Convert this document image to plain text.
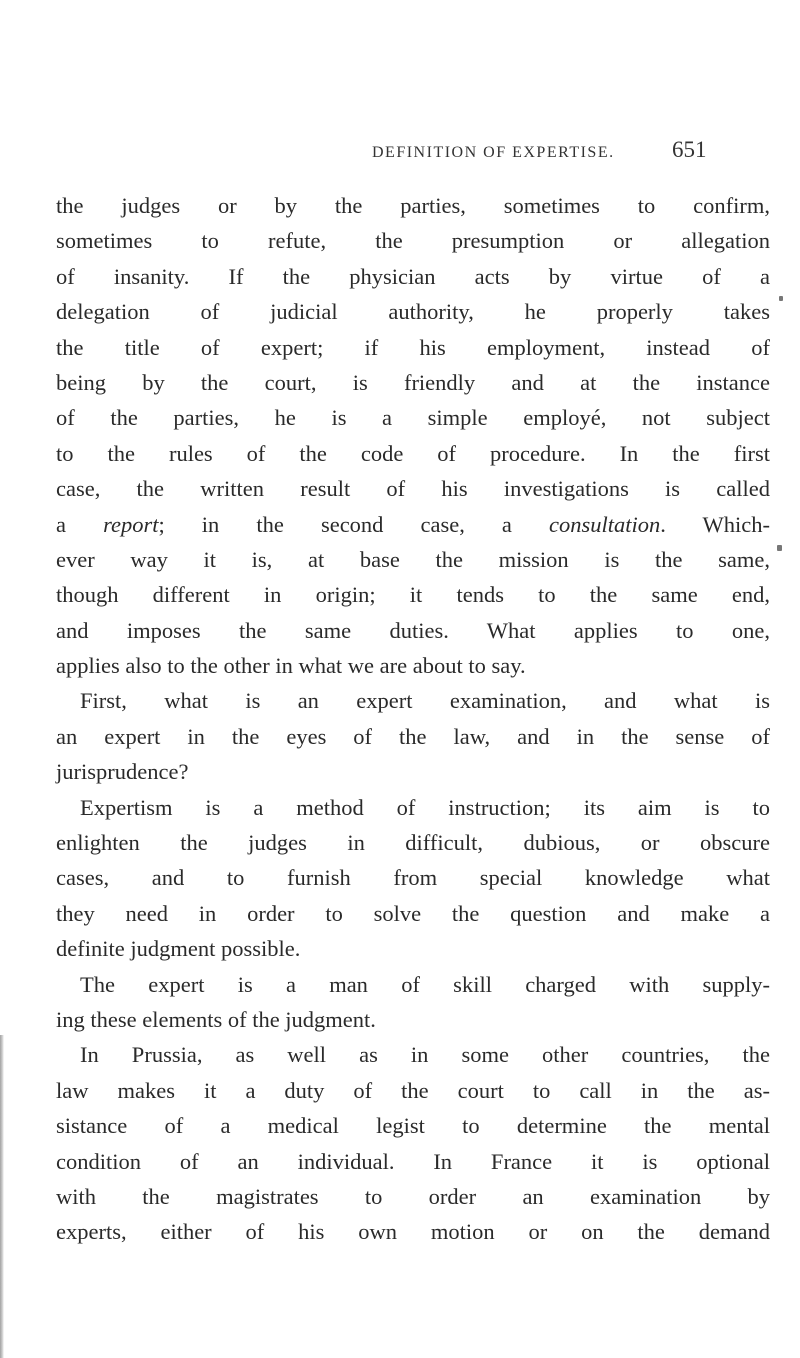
DEFINITION OF EXPERTISE. 651
the judges or by the parties, sometimes to confirm,
sometimes to refute, the presumption or allegation
of insanity. If the physician acts by virtue of a
delegation of judicial authority, he properly takes
the title of expert; if his employment, instead of
being by the court, is friendly and at the instance
of the parties, he is a simple employé, not subject
to the rules of the code of procedure. In the first
case, the written result of his investigations is called
a report; in the second case, a consultation. Which-
ever way it is, at base the mission is the same,
though different in origin; it tends to the same end,
and imposes the same duties. What applies to one,
applies also to the other in what we are about to say.
First, what is an expert examination, and what is
an expert in the eyes of the law, and in the sense of
jurisprudence?
Expertism is a method of instruction; its aim is to
enlighten the judges in difficult, dubious, or obscure
cases, and to furnish from special knowledge what
they need in order to solve the question and make a
definite judgment possible.
The expert is a man of skill charged with supply-
ing these elements of the judgment.
In Prussia, as well as in some other countries, the
law makes it a duty of the court to call in the as-
sistance of a medical legist to determine the mental
condition of an individual. In France it is optional
with the magistrates to order an examination by
experts, either of his own motion or on the demand
